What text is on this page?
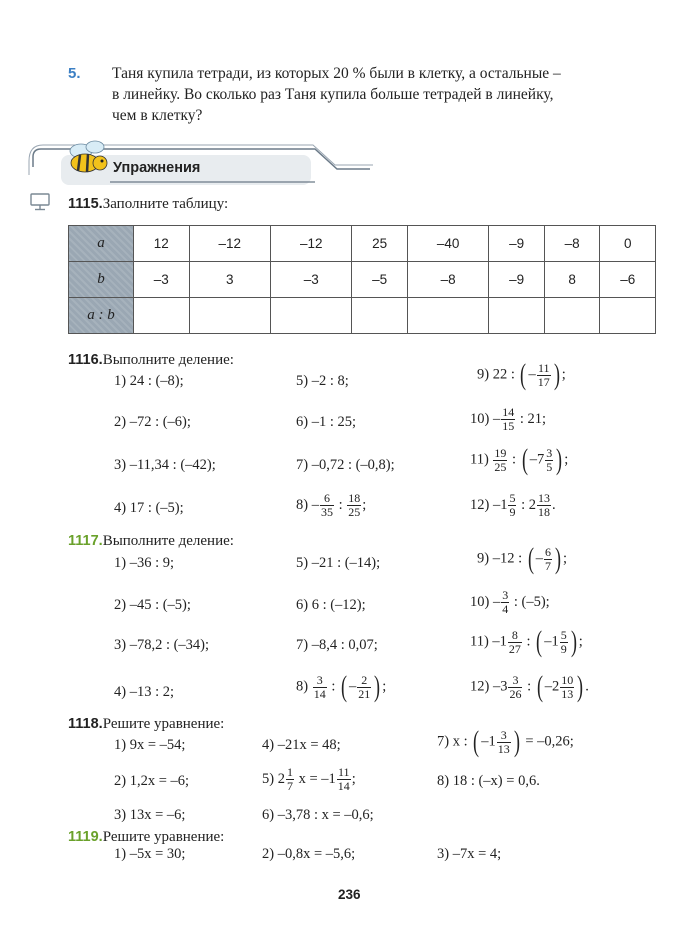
5. Таня купила тетради, из которых 20 % были в клетку, а остальные –
в линейку. Во сколько раз Таня купила больше тетрадей в линейку,
чем в клетку?
Упражнения
1115.Заполните таблицу:
a	12	–12	–12	25	–40	–9	–8	0
b	–3	3	–3	–5	–8	–9	8	–6
a : b								
1116.Выполните деление:
1) 24 : (–8);
2) –72 : (–6);
3) –11,34 : (–42);
4) 17 : (–5);
5) –2 : 8;
6) –1 : 25;
7) –0,72 : (–0,8);
$8) - \frac{6}{35}$ : $\frac{18}{25}$ ;
9) 22 : ( – $\frac{11}{17}$ ) ;
$10) - \frac{14}{15}$ : 21;
$11) \frac{19}{25}$ : ( $-7 \frac{3}{5}$ ) ;
12) $-1 \frac{5}{9}$ : $2 \frac{13}{18}$ .
1117.Выполните деление:
1) –36 : 9;
2) –45 : (–5);
3) –78,2 : (–34);
4) –13 : 2;
5) –21 : (–14);
6) 6 : (–12);
7) –8,4 : 0,07;
$8) \frac{3}{14}$ : ( – $\frac{2}{21}$ ) ;
9) –12 : ( – $\frac{6}{7}$ ) ;
$10) - \frac{3}{4}$ : (–5);
11) $-1 \frac{8}{27}$ : ( $-1 \frac{5}{9}$ ) ;
12) $-3 \frac{3}{26}$ : ( $-2 \frac{10}{13}$ ) .
1118.Решите уравнение:
1) 9x = –54;
2) 1,2x = –6;
3) 13x = –6;
4) –21x = 48;
5) $2 \frac{1}{7}$ $x = -1 \frac{11}{14}$ ;
6) –3,78 : x = –0,6;
7) x : ( $-1 \frac{3}{13}$ ) = –0,26;
8) 18 : (–x) = 0,6.
1119.Решите уравнение:
1) –5x = 30;	2) –0,8x = –5,6;	3) –7x = 4;
236
